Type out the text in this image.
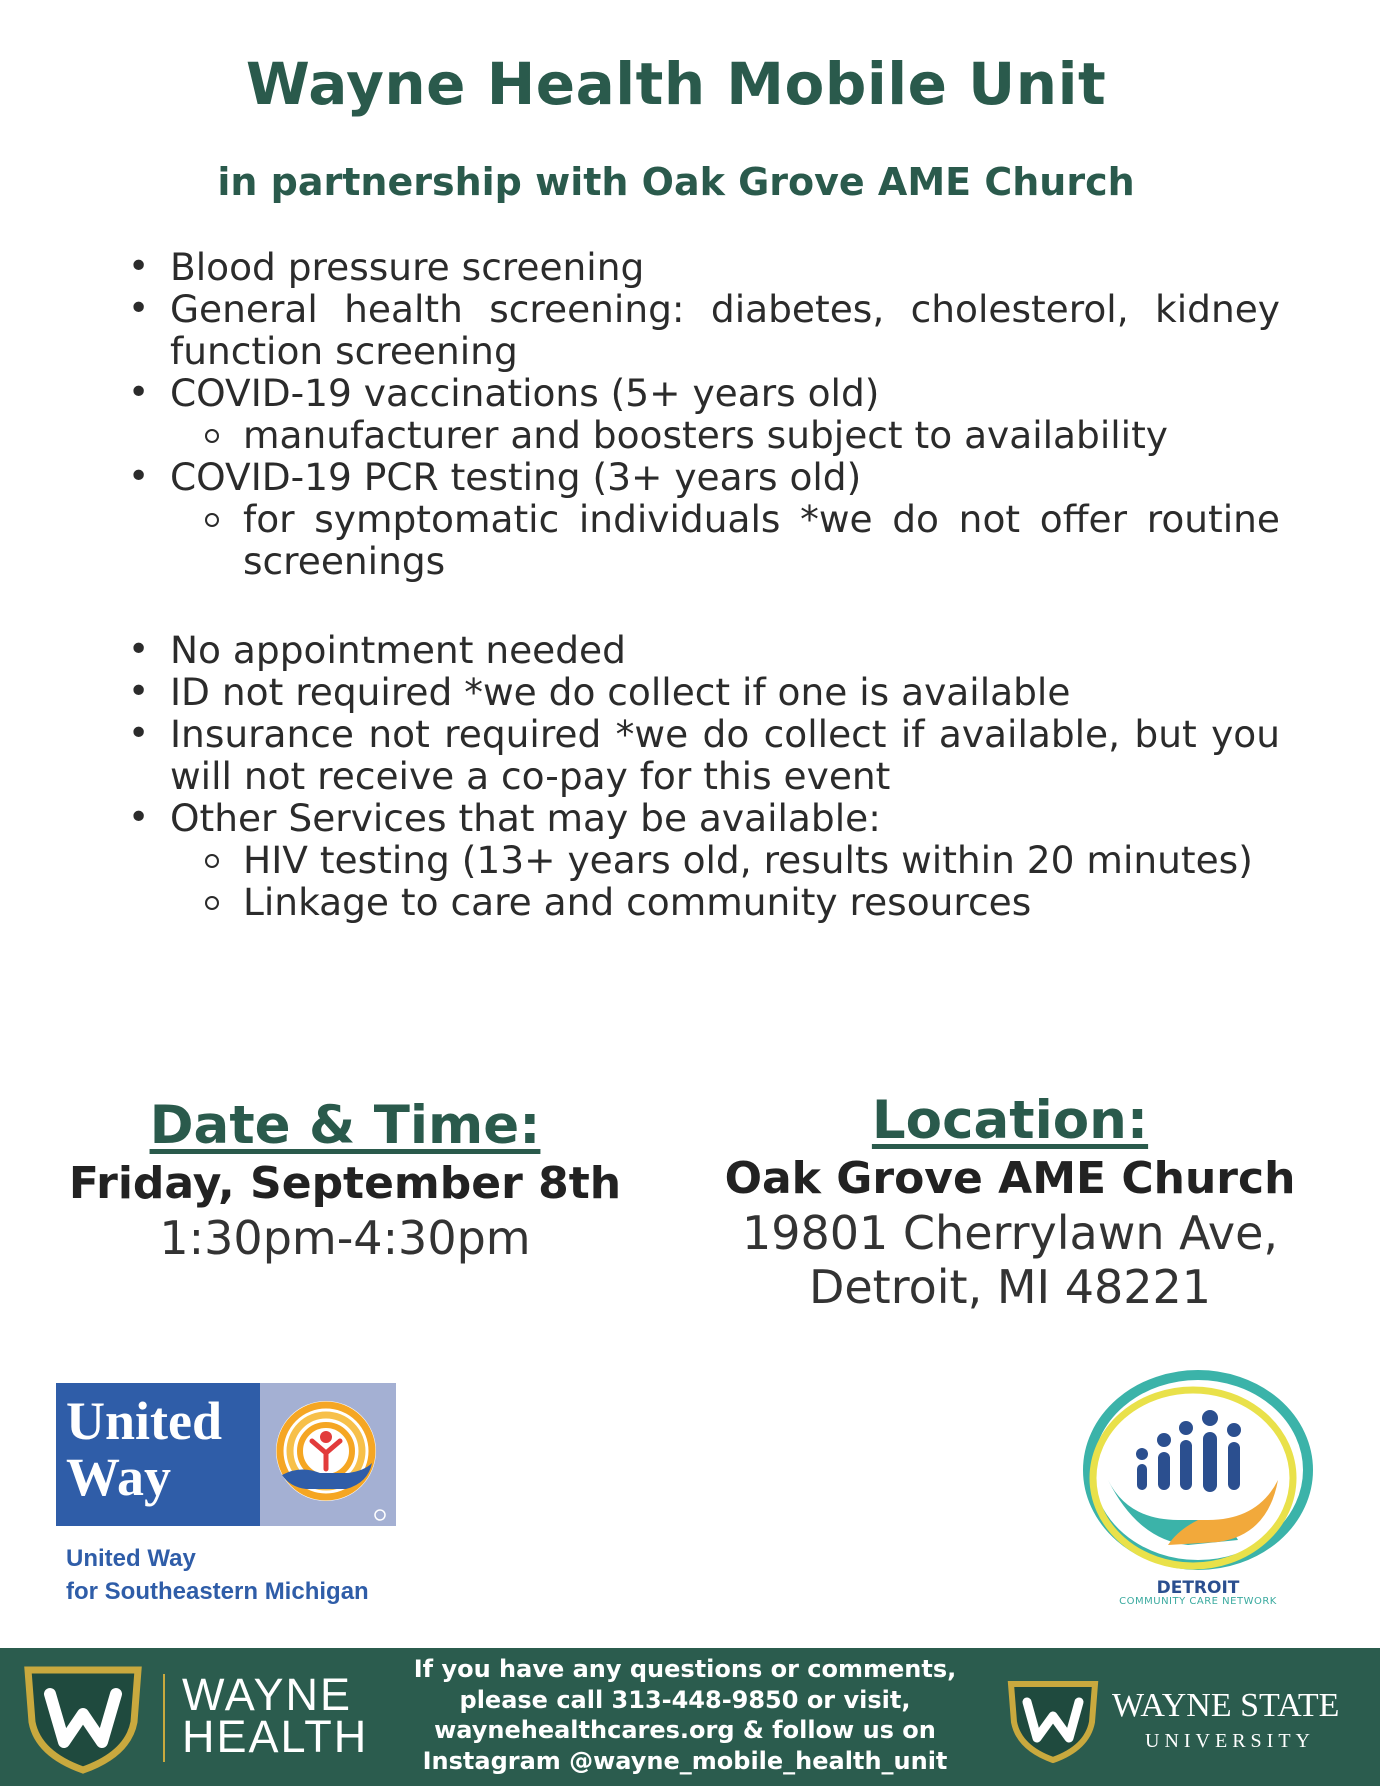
Wayne Health Mobile Unit
in partnership with Oak Grove AME Church
• Blood pressure screening
• General health screening: diabetes, cholesterol, kidney function screening
• COVID-19 vaccinations (5+ years old)
manufacturer and boosters subject to availability
• COVID-19 PCR testing (3+ years old)
for symptomatic individuals *we do not offer routine screenings
• No appointment needed
• ID not required *we do collect if one is available
• Insurance not required *we do collect if available, but you will not receive a co-pay for this event
• Other Services that may be available:
HIV testing (13+ years old, results within 20 minutes)
Linkage to care and community resources
Date & Time:
Friday, September 8th
1:30pm-4:30pm
Location:
Oak Grove AME Church
19801 Cherrylawn Ave,
Detroit, MI 48221
United Way
United Way
for Southeastern Michigan	DETROIT
COMMUNITY CARE NETWORK
WAYNE
HEALTH
If you have any questions or comments,
please call 313-448-9850 or visit,
waynehealthcares.org & follow us on
Instagram @wayne_mobile_health_unit
WAYNE STATE
UNIVERSITY
